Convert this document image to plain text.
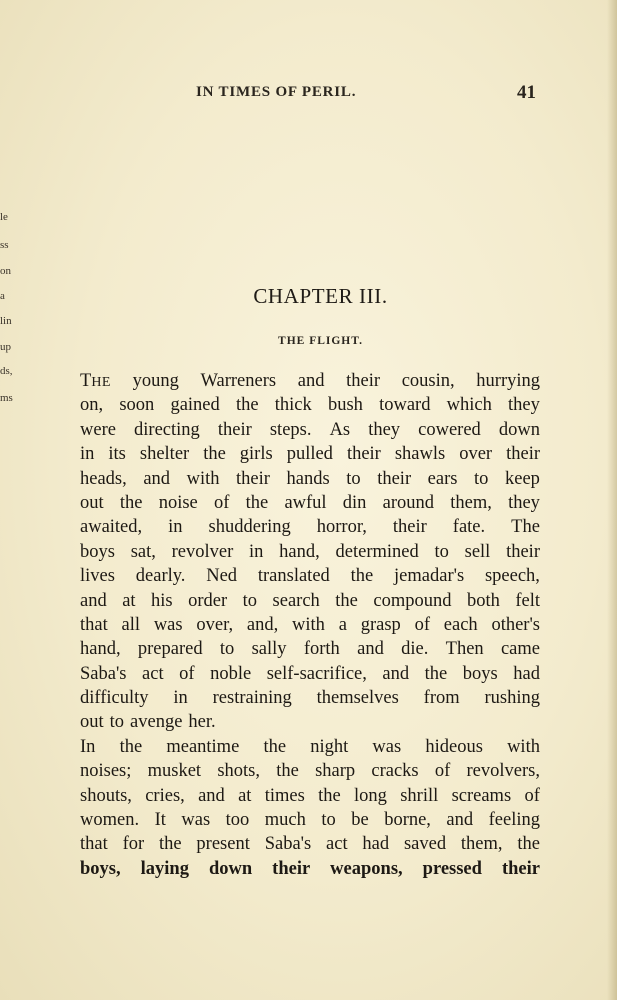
le
ss
on
a
lin
up
ds,
ms
IN TIMES OF PERIL.	41
CHAPTER III.
THE FLIGHT.
THE young Warreners and their cousin, hurrying
on, soon gained the thick bush toward which they
were directing their steps. As they cowered down
in its shelter the girls pulled their shawls over their
heads, and with their hands to their ears to keep
out the noise of the awful din around them, they
awaited, in shuddering horror, their fate. The
boys sat, revolver in hand, determined to sell their
lives dearly. Ned translated the jemadar's speech,
and at his order to search the compound both felt
that all was over, and, with a grasp of each other's
hand, prepared to sally forth and die. Then came
Saba's act of noble self-sacrifice, and the boys had
difficulty in restraining themselves from rushing
out to avenge her.
In the meantime the night was hideous with
noises; musket shots, the sharp cracks of revolvers,
shouts, cries, and at times the long shrill screams of
women. It was too much to be borne, and feeling
that for the present Saba's act had saved them, the
boys, laying down their weapons, pressed their
